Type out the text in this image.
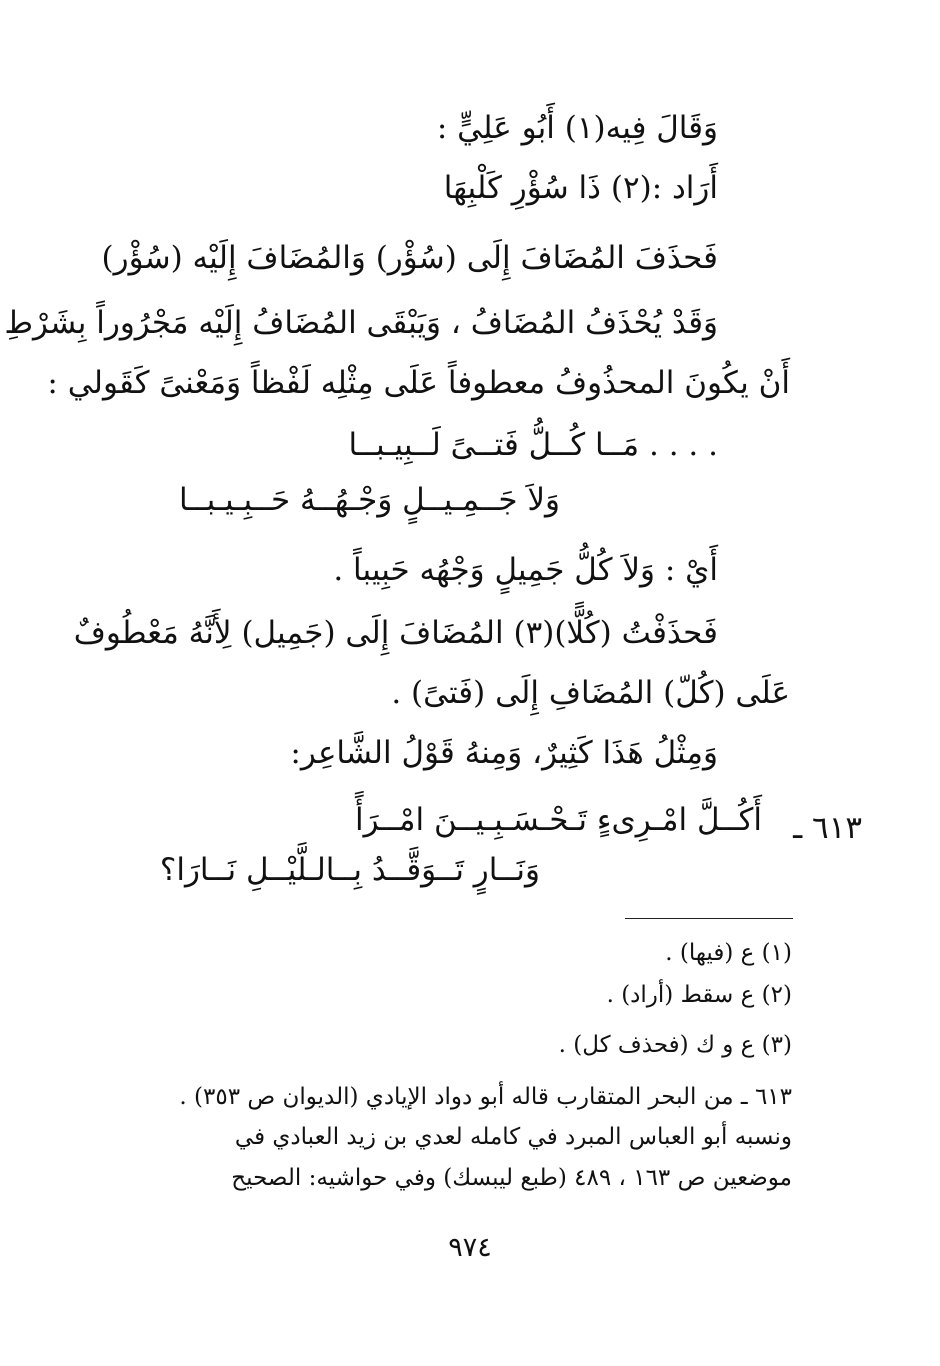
وَقَالَ فِيه(١) أَبُو عَلِيٍّ :
أَرَاد :(٢) ذَا سُؤْرِ كَلْبِهَا
فَحذَفَ المُضَافَ إِلَى (سُؤْر) وَالمُضَافَ إِلَيْه (سُؤْر)
وَقَدْ يُحْذَفُ المُضَافُ ، وَيَبْقَى المُضَافُ إِلَيْه مَجْرُوراً بِشَرْطِ
أَنْ يكُونَ المحذُوفُ معطوفاً عَلَى مِثْلِه لَفْظاً وَمَعْنىً كَقَولي :
. . . . مَــا كُــلُّ فَتــىً لَــبِيـبــا
وَلاَ جَــمِـيــلٍ وَجْـهُــهُ حَــبِـيـبــا
أَيْ : وَلاَ كُلُّ جَمِيلٍ وَجْهُه حَبِيباً .
فَحذَفْتُ (كُلًّا)(٣) المُضَافَ إِلَى (جَمِيل) لِأَنَّهُ مَعْطُوفٌ
عَلَى (كُلّ) المُضَافِ إِلَى (فَتىً) .
وَمِثْلُ هَذَا كَثِيرٌ، وَمِنهُ قَوْلُ الشَّاعِر:
٦١٣ ـ
أَكُــلَّ امْـرِىءٍ تَـحْـسَـبِـيــنَ امْــرَأً
وَنَــارٍ تَــوَقَّــدُ بِــالـلَّيْــلِ نَــارَا؟
(١) ع (فيها) .
(٢) ع سقط (أراد) .
(٣) ع و ك (فحذف كل) .
٦١٣ ـ من البحر المتقارب قاله أبو دواد الإيادي (الديوان ص ٣٥٣) .
ونسبه أبو العباس المبرد في كامله لعدي بن زيد العبادي في
موضعين ص ١٦٣ ، ٤٨٩ (طبع ليبسك) وفي حواشيه: الصحيح
٩٧٤
